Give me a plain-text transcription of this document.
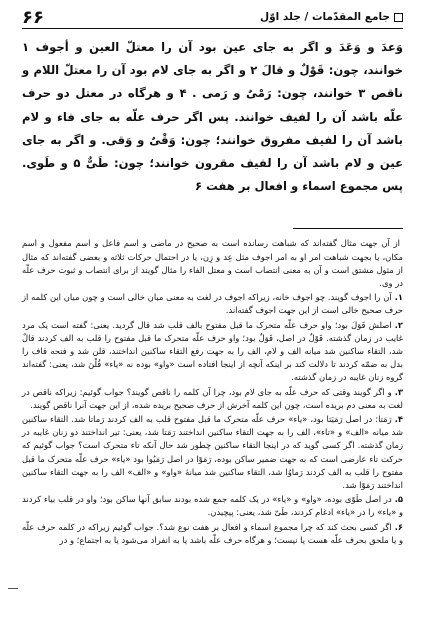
جامع المقدّمات / جلد اوّل
۶۶

وَعدَ و وَعَدَ و اگر به جای عین بود آن را معتلّ العین و أجوف ۱ خوانند، چون: قَوْلٌ و قالَ ۲ و اگر به جای لام بود آن را معتلّ اللام و ناقص ۳ خوانند، چون: رَمْیٌ و رَمی . ۴ و هرگاه در معتل دو حرف علّه باشد آن را لفیف خوانند. پس اگر حرف علّه به جای فاء و لام باشد آن را لفیف مفروق خوانند؛ چون: وَقْیٌ و وَقی. و اگر به جای عین و لام باشد آن را لفیف مقرون خوانند؛ چون: طَیٌّ ۵ و طَوی. پس مجموع اسماء و افعال بر هفت ۶

از آن جهت مثال گفته‌اند که شباهت رسانده است به صحیح در ماضی و اسم فاعل و اسم مفعول و اسم مکان، یا بجهت شباهت امر او به امر اجوف مثل عِد و زِن، یا در احتمال حرکات ثلاثه و بعضی گفته‌اند که مثال از مثول مشتق است و آن به معنی انتصاب است و معتل الفاء را مثال گویند از برای انتصاب و ثبوت حرف علّه در وی.

۱.آن را اجوف گویند. چو اجوف خانه، زیراکه اجوف در لغت به معنی میان خالی است و چون میان این کلمه از حرف صحیح خالی است از این جهت اجوف گفته‌اند.

۲.اصلش قَوَلَ بود؛ واو حرف علّه متحرک ما قبل مفتوح بالف قلب شد قال گردید. یعنی: گفته است یک مرد غایب در زمان گذشته. قَوْلٌ در اصل، قَوَلٌ بود؛ واو حرف علّه متحرک ما قبل مفتوح را قلب به الف کردند قالٌ شد، التقاء ساکنین شد میانه الف و لام، الف را به جهت رفع التقاء ساکنین انداختند، قلن شد و فتحه قاف را بدل به ضمّه کردند تا دلالت کند بر اینکه آنچه از اینجا افتاده است «واو» بوده نه «یاء» قُلْنَ شد، یعنی: گفته‌اند گروه زنان غایبه در زمان گذشته.

۳.و اگر گویند وقتی که حرف علّه به جای لام بود، چرا آن کلمه را ناقص گویند؟ جواب گوئیم: زیراکه ناقص در لغت به معنی دم بریده است، چون این کلمه آخرش از حرف صحیح بریده شده، از این جهت آنرا ناقص گویند.

۴.رَمَتا: در اصل رَمَیَتا بود، «یاء» حرف علّه متحرک ما قبل مفتوح قلب به الف کردند رَماتا شد. التقاء ساکنین شد میانه «الف» و «تاء»، الف را به جهت التقاء ساکنین انداختند رَمَتا شد، یعنی: تیر انداختند دو زنان غایبه در زمان گذشته. اگر کسی گوید که در اینجا التقاء ساکنین چطور شد حال آنکه تاء متحرک است؟ جواب گوئیم که حرکت تاء عارضی است که به جهت ضمیر ساکن بوده، رَمَوْا در اصل رَمَیُوا بود «یاء» حرف علّه متحرک ما قبل مفتوح را قلب به الف کردند رَماوُا شد، التقاء ساکنین شد میانهٔ «واو» و «الف» الف را به جهت التقاء ساکنین انداختند رَمَوْا شد.

۵.در اصل طَوْی بوده، «واو» و «یاء» در یک کلمه جمع شده بودند سابق آنها ساکن بود؛ واو در قلب بیاء کردند و «یاء» را در «یاء» ادغام کردند، طَیّ شد، یعنی: پیچیدن.

۶.اگر کسی بحث کند که چرا مجموع اسماء و افعال بر هفت نوع شد؟. جواب گوئیم زیراکه در کلمه حرف علّه و یا ملحق بحرف علّه هست یا نیست؛ و هرگاه حرف علّه باشد یا به انفراد می‌شود یا به اجتماع؛ و در
